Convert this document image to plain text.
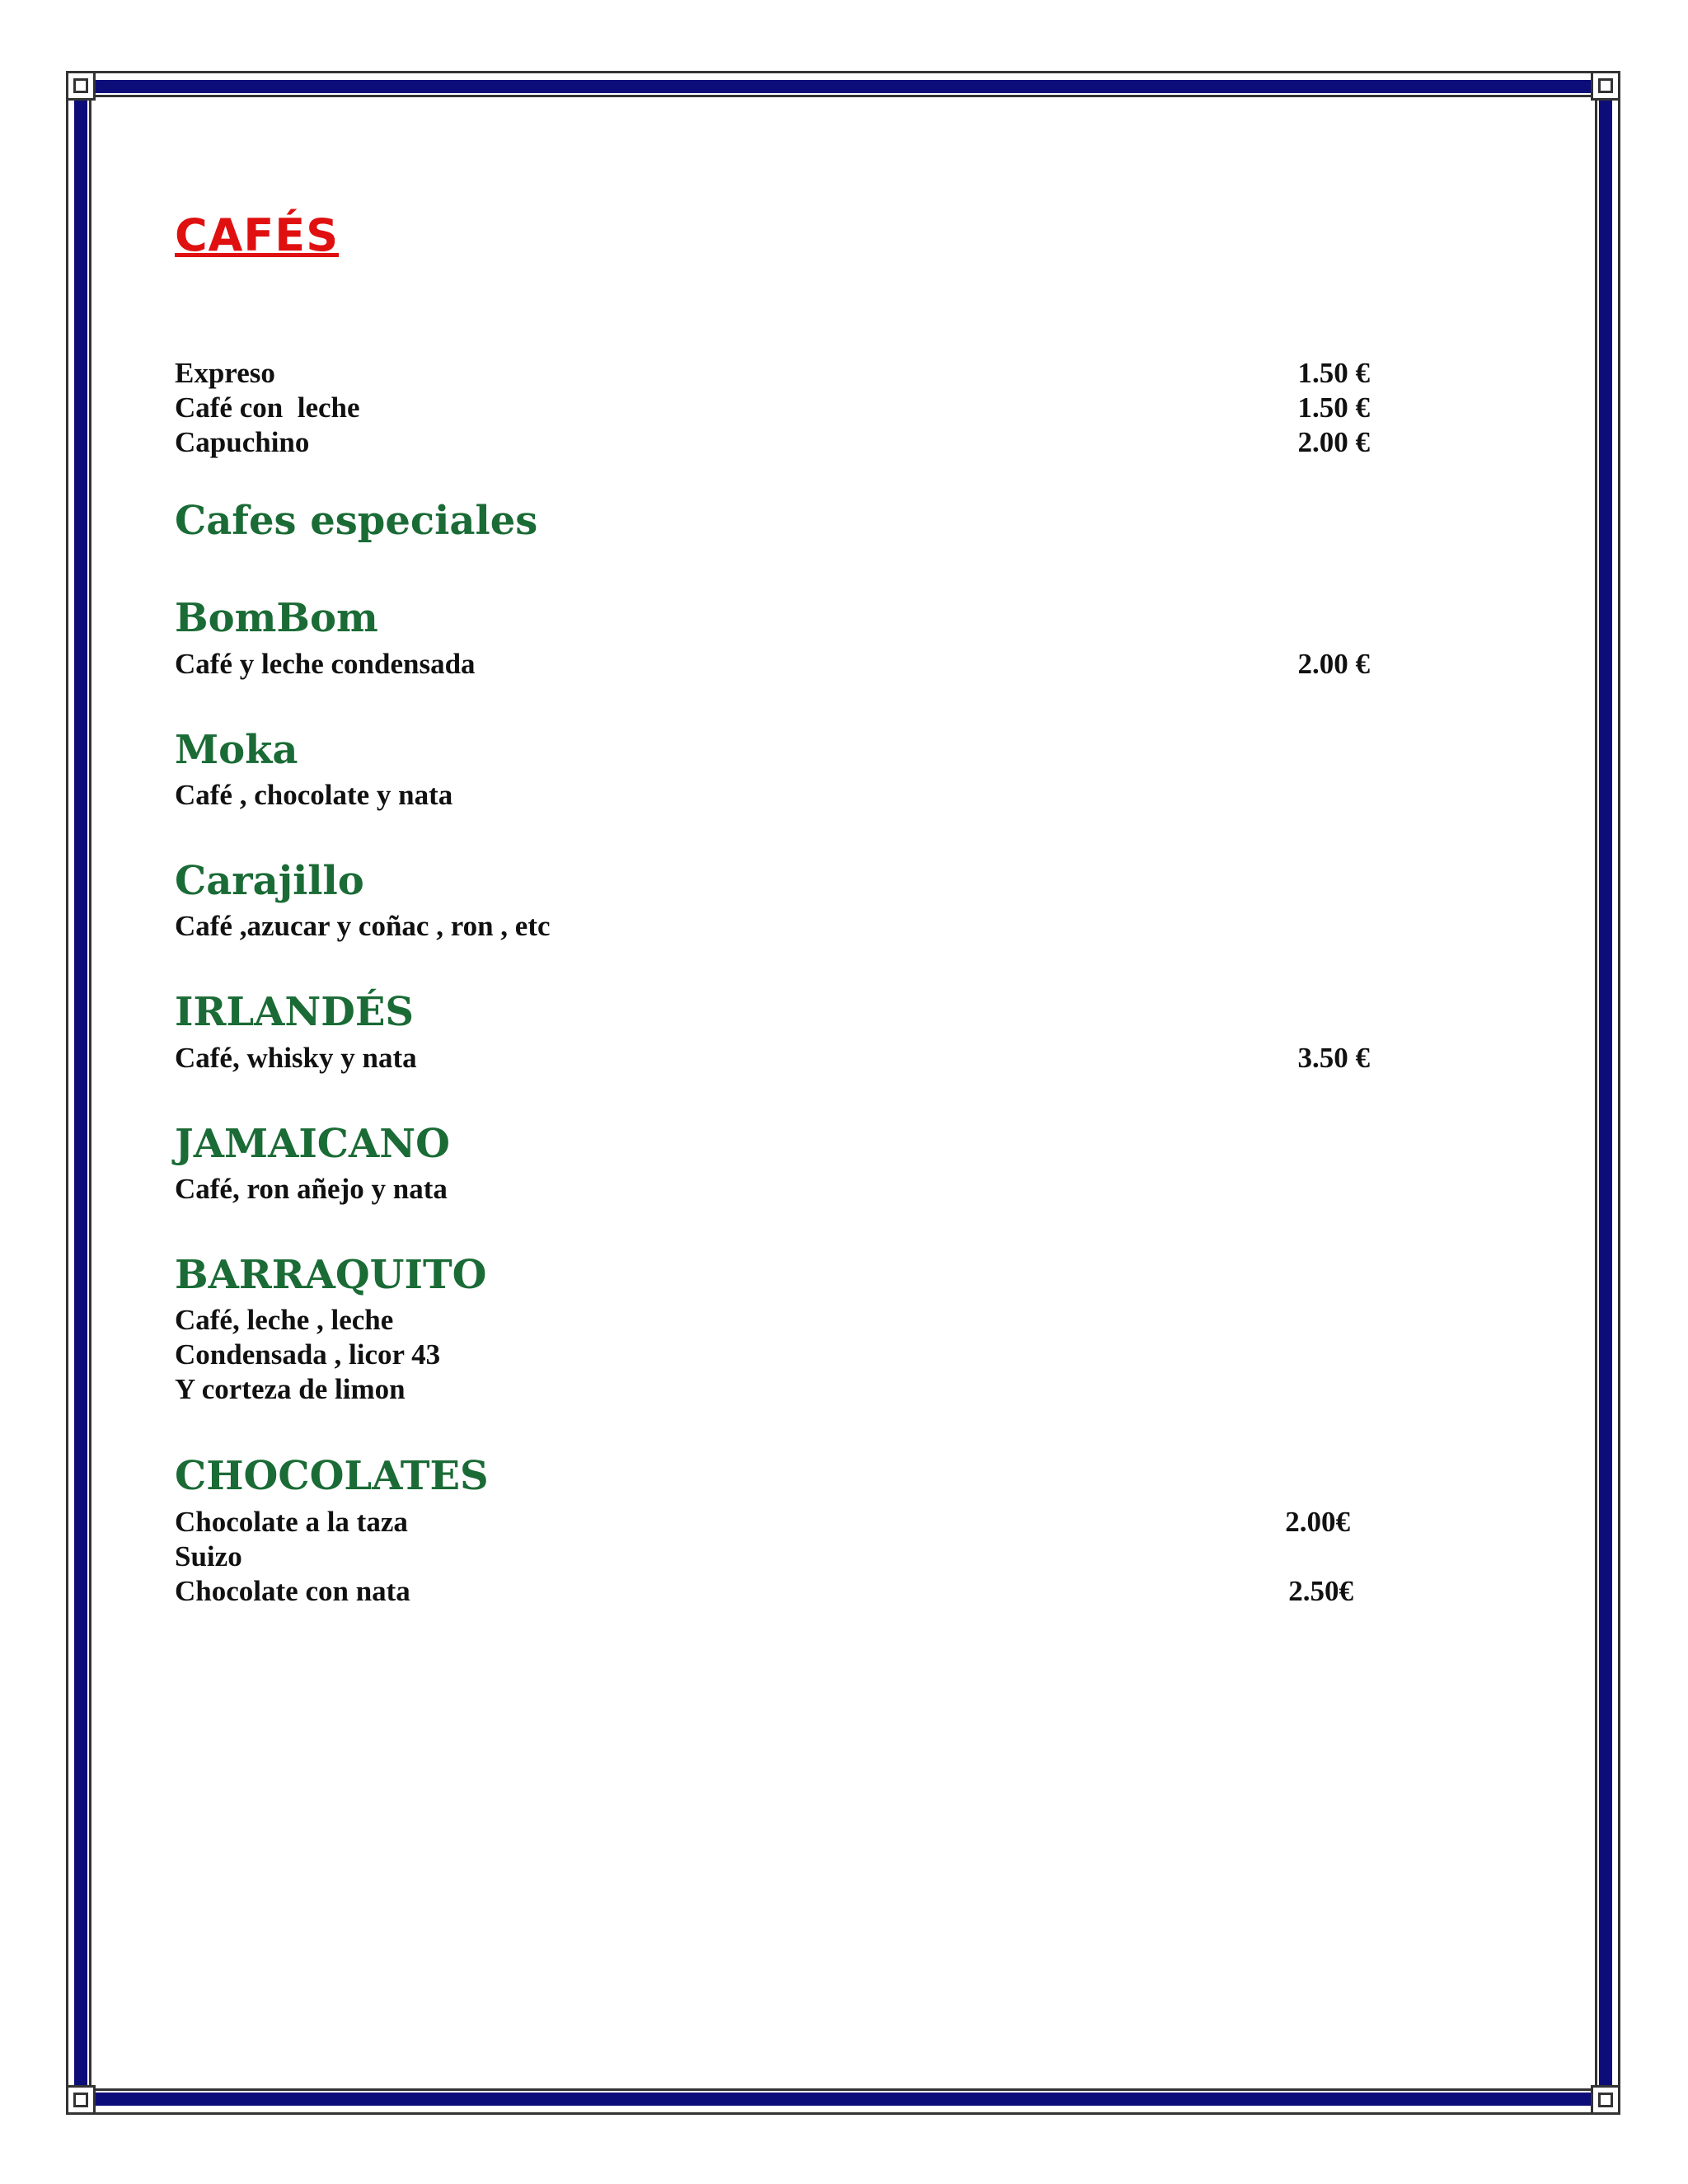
CAFÉS
Expreso	1.50 €
Café con  leche	1.50 €
Capuchino	2.00 €
Cafes especiales
BomBom
Café y leche condensada	2.00 €
Moka
Café , chocolate y nata
Carajillo
Café ,azucar y coñac , ron , etc
IRLANDÉS
Café, whisky y nata	3.50 €
JAMAICANO
Café, ron añejo y nata
BARRAQUITO
Café, leche , leche
Condensada , licor 43
Y corteza de limon
CHOCOLATES
Chocolate a la taza	2.00€
Suizo
Chocolate con nata	2.50€
